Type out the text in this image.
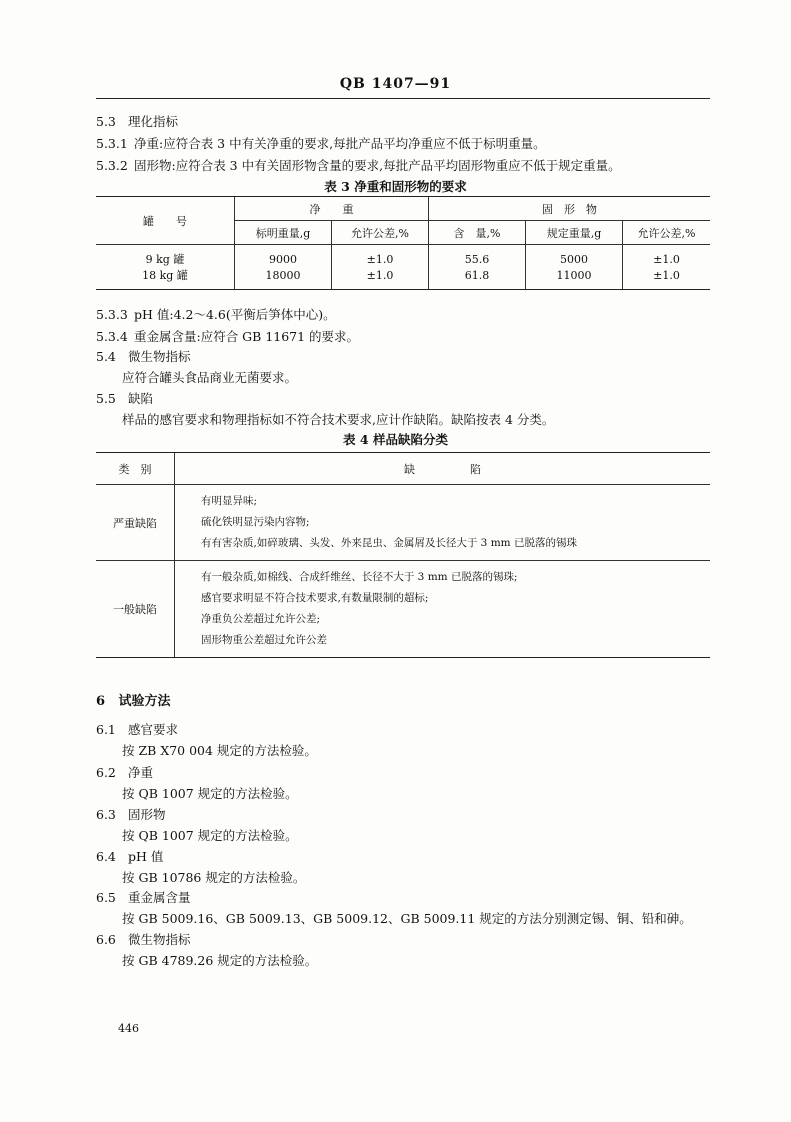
QB 1407—91
5.3 理化指标
5.3.1 净重:应符合表 3 中有关净重的要求,每批产品平均净重应不低于标明重量。
5.3.2 固形物:应符合表 3 中有关固形物含量的要求,每批产品平均固形物重应不低于规定重量。
表 3 净重和固形物的要求
罐　　号	净　　重		固　形　物		
	标明重量,g	允许公差,%	含　量,%	规定重量,g	允许公差,%
9 kg 罐	9000	±1.0	55.6	5000	±1.0
18 kg 罐	18000	±1.0	61.8	11000	±1.0
5.3.3 pH 值:4.2～4.6(平衡后笋体中心)。
5.3.4 重金属含量:应符合 GB 11671 的要求。
5.4 微生物指标
应符合罐头食品商业无菌要求。
5.5 缺陷
样品的感官要求和物理指标如不符合技术要求,应计作缺陷。缺陷按表 4 分类。
表 4 样品缺陷分类
类　别	缺　　　　　陷
严重缺陷	有明显异味;
硫化铁明显污染内容物;
有有害杂质,如碎玻璃、头发、外来昆虫、金属屑及长径大于 3 mm 已脱落的锡珠

一般缺陷	有一般杂质,如棉线、合成纤维丝、长径不大于 3 mm 已脱落的锡珠;
感官要求明显不符合技术要求,有数量限制的超标;
净重负公差超过允许公差;
固形物重公差超过允许公差
6 试验方法
6.1 感官要求
按 ZB X70 004 规定的方法检验。
6.2 净重
按 QB 1007 规定的方法检验。
6.3 固形物
按 QB 1007 规定的方法检验。
6.4 pH 值
按 GB 10786 规定的方法检验。
6.5 重金属含量
按 GB 5009.16、GB 5009.13、GB 5009.12、GB 5009.11 规定的方法分别测定锡、铜、铅和砷。
6.6 微生物指标
按 GB 4789.26 规定的方法检验。
446
